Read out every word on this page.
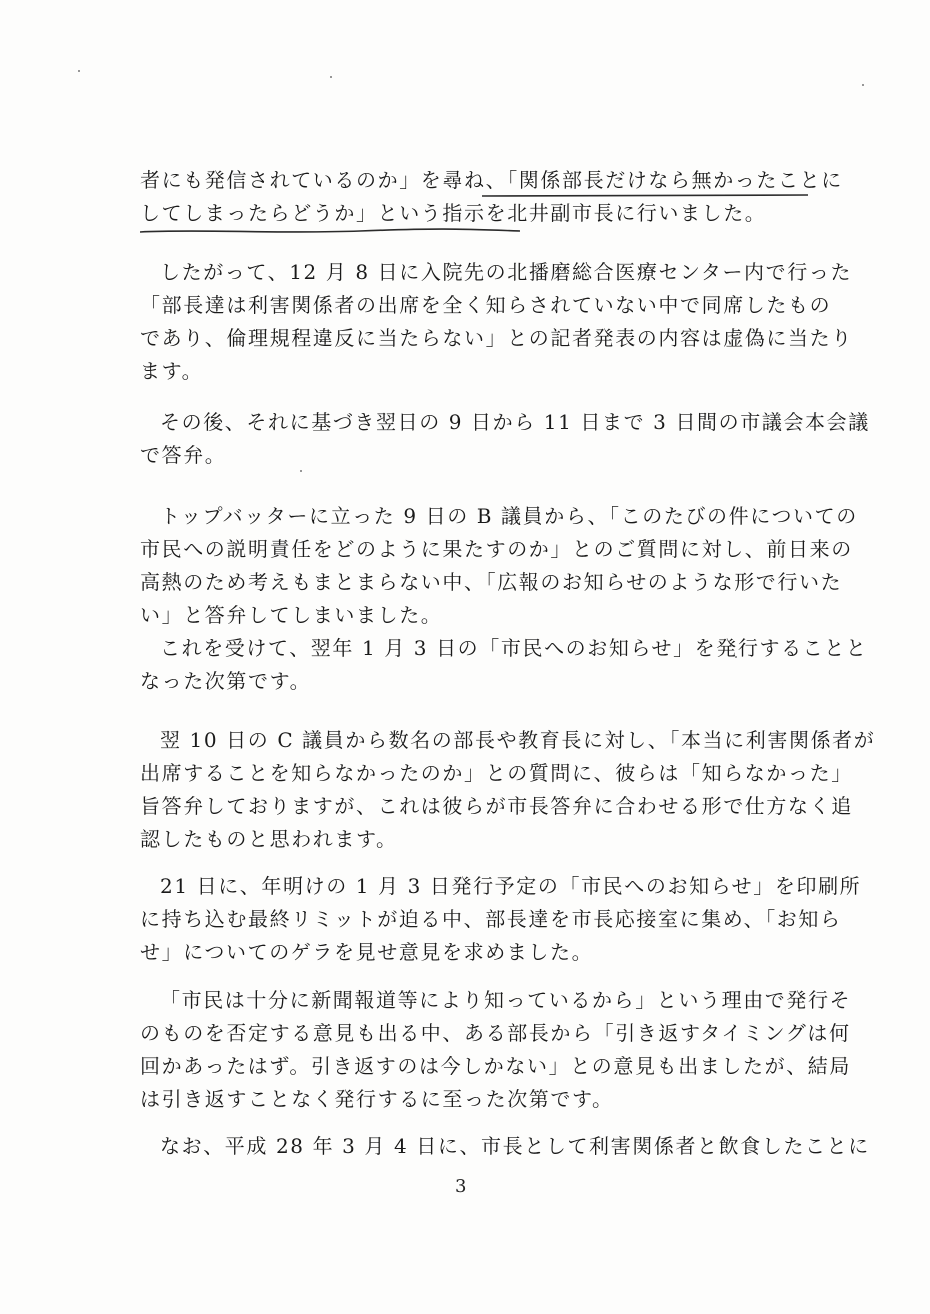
者にも発信されているのか」を尋ね、「関係部長だけなら無かったことに
してしまったらどうか」という指示を北井副市長に行いました。
したがって、12 月 8 日に入院先の北播磨総合医療センター内で行った
「部長達は利害関係者の出席を全く知らされていない中で同席したもの
であり、倫理規程違反に当たらない」との記者発表の内容は虚偽に当たり
ます。
その後、それに基づき翌日の 9 日から 11 日まで 3 日間の市議会本会議
で答弁。
トップバッターに立った 9 日の B 議員から、「このたびの件についての
市民への説明責任をどのように果たすのか」とのご質問に対し、前日来の
高熱のため考えもまとまらない中、「広報のお知らせのような形で行いた
い」と答弁してしまいました。
これを受けて、翌年 1 月 3 日の「市民へのお知らせ」を発行することと
なった次第です。
翌 10 日の C 議員から数名の部長や教育長に対し、「本当に利害関係者が
出席することを知らなかったのか」との質問に、彼らは「知らなかった」
旨答弁しておりますが、これは彼らが市長答弁に合わせる形で仕方なく追
認したものと思われます。
21 日に、年明けの 1 月 3 日発行予定の「市民へのお知らせ」を印刷所
に持ち込む最終リミットが迫る中、部長達を市長応接室に集め、「お知ら
せ」についてのゲラを見せ意見を求めました。
「市民は十分に新聞報道等により知っているから」という理由で発行そ
のものを否定する意見も出る中、ある部長から「引き返すタイミングは何
回かあったはず。引き返すのは今しかない」との意見も出ましたが、結局
は引き返すことなく発行するに至った次第です。
なお、平成 28 年 3 月 4 日に、市長として利害関係者と飲食したことに
3
